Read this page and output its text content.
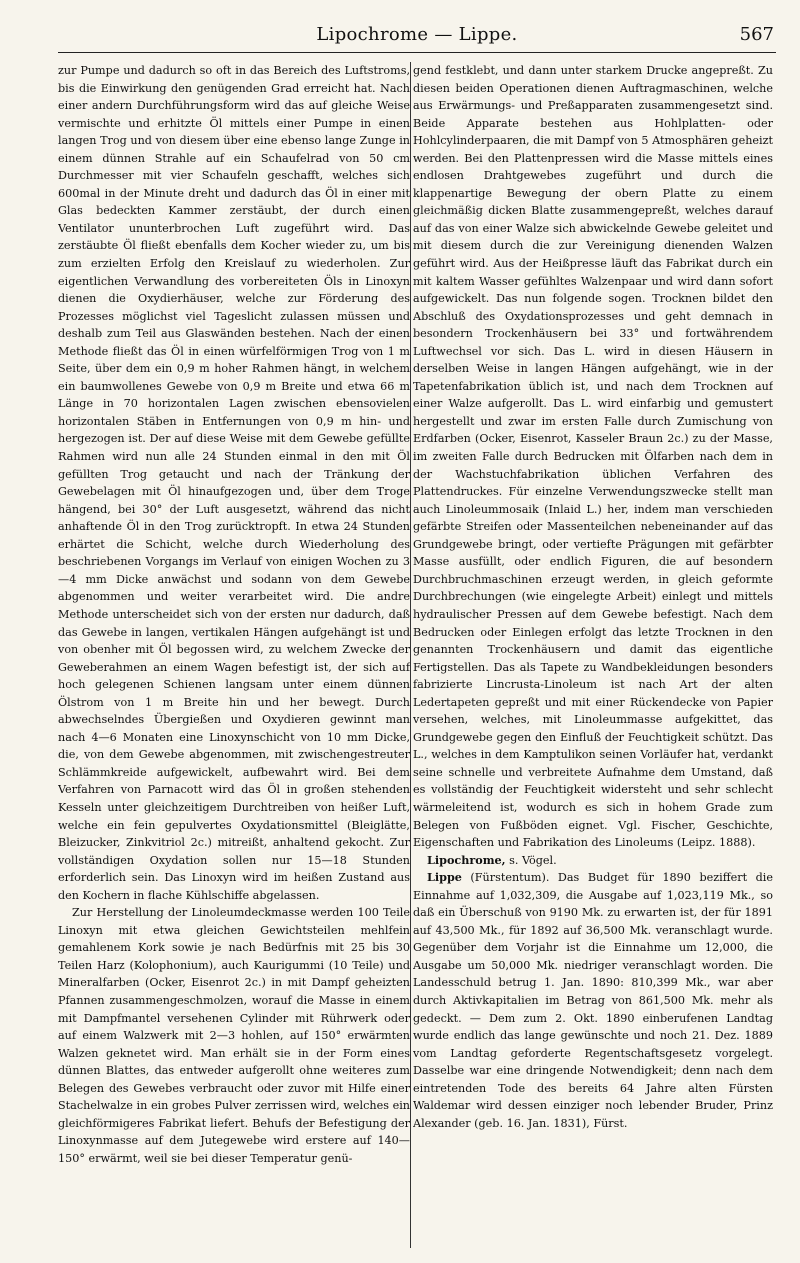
Lipochrome — Lippe.	567

zur Pumpe und dadurch so oft in das Bereich des Luftstroms, bis die Einwirkung den genügenden Grad erreicht hat. Nach einer andern Durchführungsform wird das auf gleiche Weise vermischte und erhitzte Öl mittels einer Pumpe in einen langen Trog und von diesem über eine ebenso lange Zunge in einem dünnen Strahle auf ein Schaufelrad von 50 cm Durchmesser mit vier Schaufeln geschafft, welches sich 600mal in der Minute dreht und dadurch das Öl in einer mit Glas bedeckten Kammer zerstäubt, der durch einen Ventilator ununterbrochen Luft zugeführt wird. Das zerstäubte Öl fließt ebenfalls dem Kocher wieder zu, um bis zum erzielten Erfolg den Kreislauf zu wiederholen. Zur eigentlichen Verwandlung des vorbereiteten Öls in Linoxyn dienen die Oxydierhäuser, welche zur Förderung des Prozesses möglichst viel Tageslicht zulassen müssen und deshalb zum Teil aus Glaswänden bestehen. Nach der einen Methode fließt das Öl in einen würfelförmigen Trog von 1 m Seite, über dem ein 0,9 m hoher Rahmen hängt, in welchem ein baumwollenes Gewebe von 0,9 m Breite und etwa 66 m Länge in 70 horizontalen Lagen zwischen ebensovielen horizontalen Stäben in Entfernungen von 0,9 m hin- und hergezogen ist. Der auf diese Weise mit dem Gewebe gefüllte Rahmen wird nun alle 24 Stunden einmal in den mit Öl gefüllten Trog getaucht und nach der Tränkung der Gewebelagen mit Öl hinaufgezogen und, über dem Troge hängend, bei 30° der Luft ausgesetzt, während das nicht anhaftende Öl in den Trog zurücktropft. In etwa 24 Stunden erhärtet die Schicht, welche durch Wiederholung des beschriebenen Vorgangs im Verlauf von einigen Wochen zu 3—4 mm Dicke anwächst und sodann von dem Gewebe abgenommen und weiter verarbeitet wird. Die andre Methode unterscheidet sich von der ersten nur dadurch, daß das Gewebe in langen, vertikalen Hängen aufgehängt ist und von obenher mit Öl begossen wird, zu welchem Zwecke der Geweberahmen an einem Wagen befestigt ist, der sich auf hoch gelegenen Schienen langsam unter einem dünnen Ölstrom von 1 m Breite hin und her bewegt. Durch abwechselndes Übergießen und Oxydieren gewinnt man nach 4—6 Monaten eine Linoxynschicht von 10 mm Dicke, die, von dem Gewebe abgenommen, mit zwischengestreuter Schlämmkreide aufgewickelt, aufbewahrt wird. Bei dem Verfahren von Parnacott wird das Öl in großen stehenden Kesseln unter gleichzeitigem Durchtreiben von heißer Luft, welche ein fein gepulvertes Oxydationsmittel (Bleiglätte, Bleizucker, Zinkvitriol 2c.) mitreißt, anhaltend gekocht. Zur vollständigen Oxydation sollen nur 15—18 Stunden erforderlich sein. Das Linoxyn wird im heißen Zustand aus den Kochern in flache Kühlschiffe abgelassen.

Zur Herstellung der Linoleumdeckmasse werden 100 Teile Linoxyn mit etwa gleichen Gewichtsteilen mehlfein gemahlenem Kork sowie je nach Bedürfnis mit 25 bis 30 Teilen Harz (Kolophonium), auch Kaurigummi (10 Teile) und Mineralfarben (Ocker, Eisenrot 2c.) in mit Dampf geheizten Pfannen zusammengeschmolzen, worauf die Masse in einem mit Dampfmantel versehenen Cylinder mit Rührwerk oder auf einem Walzwerk mit 2—3 hohlen, auf 150° erwärmten Walzen geknetet wird. Man erhält sie in der Form eines dünnen Blattes, das entweder aufgerollt ohne weiteres zum Belegen des Gewebes verbraucht oder zuvor mit Hilfe einer Stachelwalze in ein grobes Pulver zerrissen wird, welches ein gleichförmigeres Fabrikat liefert. Behufs der Befestigung der Linoxynmasse auf dem Jutegewebe wird erstere auf 140—150° erwärmt, weil sie bei dieser Temperatur genü-

gend festklebt, und dann unter starkem Drucke angepreßt. Zu diesen beiden Operationen dienen Auftragmaschinen, welche aus Erwärmungs- und Preßapparaten zusammengesetzt sind. Beide Apparate bestehen aus Hohlplatten- oder Hohlcylinderpaaren, die mit Dampf von 5 Atmosphären geheizt werden. Bei den Plattenpressen wird die Masse mittels eines endlosen Drahtgewebes zugeführt und durch die klappenartige Bewegung der obern Platte zu einem gleichmäßig dicken Blatte zusammengepreßt, welches darauf auf das von einer Walze sich abwickelnde Gewebe geleitet und mit diesem durch die zur Vereinigung dienenden Walzen geführt wird. Aus der Heißpresse läuft das Fabrikat durch ein mit kaltem Wasser gefühltes Walzenpaar und wird dann sofort aufgewickelt. Das nun folgende sogen. Trocknen bildet den Abschluß des Oxydationsprozesses und geht demnach in besondern Trockenhäusern bei 33° und fortwährendem Luftwechsel vor sich. Das L. wird in diesen Häusern in derselben Weise in langen Hängen aufgehängt, wie in der Tapetenfabrikation üblich ist, und nach dem Trocknen auf einer Walze aufgerollt. Das L. wird einfarbig und gemustert hergestellt und zwar im ersten Falle durch Zumischung von Erdfarben (Ocker, Eisenrot, Kasseler Braun 2c.) zu der Masse, im zweiten Falle durch Bedrucken mit Ölfarben nach dem in der Wachstuchfabrikation üblichen Verfahren des Plattendruckes. Für einzelne Verwendungszwecke stellt man auch Linoleummosaik (Inlaid L.) her, indem man verschieden gefärbte Streifen oder Massenteilchen nebeneinander auf das Grundgewebe bringt, oder vertiefte Prägungen mit gefärbter Masse ausfüllt, oder endlich Figuren, die auf besondern Durchbruchmaschinen erzeugt werden, in gleich geformte Durchbrechungen (wie eingelegte Arbeit) einlegt und mittels hydraulischer Pressen auf dem Gewebe befestigt. Nach dem Bedrucken oder Einlegen erfolgt das letzte Trocknen in den genannten Trockenhäusern und damit das eigentliche Fertigstellen. Das als Tapete zu Wandbekleidungen besonders fabrizierte Lincrusta-Linoleum ist nach Art der alten Ledertapeten gepreßt und mit einer Rückendecke von Papier versehen, welches, mit Linoleummasse aufgekittet, das Grundgewebe gegen den Einfluß der Feuchtigkeit schützt. Das L., welches in dem Kamptulikon seinen Vorläufer hat, verdankt seine schnelle und verbreitete Aufnahme dem Umstand, daß es vollständig der Feuchtigkeit widersteht und sehr schlecht wärmeleitend ist, wodurch es sich in hohem Grade zum Belegen von Fußböden eignet. Vgl. Fischer, Geschichte, Eigenschaften und Fabrikation des Linoleums (Leipz. 1888).

Lipochrome, s. Vögel.

Lippe (Fürstentum). Das Budget für 1890 beziffert die Einnahme auf 1,032,309, die Ausgabe auf 1,023,119 Mk., so daß ein Überschuß von 9190 Mk. zu erwarten ist, der für 1891 auf 43,500 Mk., für 1892 auf 36,500 Mk. veranschlagt wurde. Gegenüber dem Vorjahr ist die Einnahme um 12,000, die Ausgabe um 50,000 Mk. niedriger veranschlagt worden. Die Landesschuld betrug 1. Jan. 1890: 810,399 Mk., war aber durch Aktivkapitalien im Betrag von 861,500 Mk. mehr als gedeckt. — Dem zum 2. Okt. 1890 einberufenen Landtag wurde endlich das lange gewünschte und noch 21. Dez. 1889 vom Landtag geforderte Regentschaftsgesetz vorgelegt. Dasselbe war eine dringende Notwendigkeit; denn nach dem eintretenden Tode des bereits 64 Jahre alten Fürsten Waldemar wird dessen einziger noch lebender Bruder, Prinz Alexander (geb. 16. Jan. 1831), Fürst.
